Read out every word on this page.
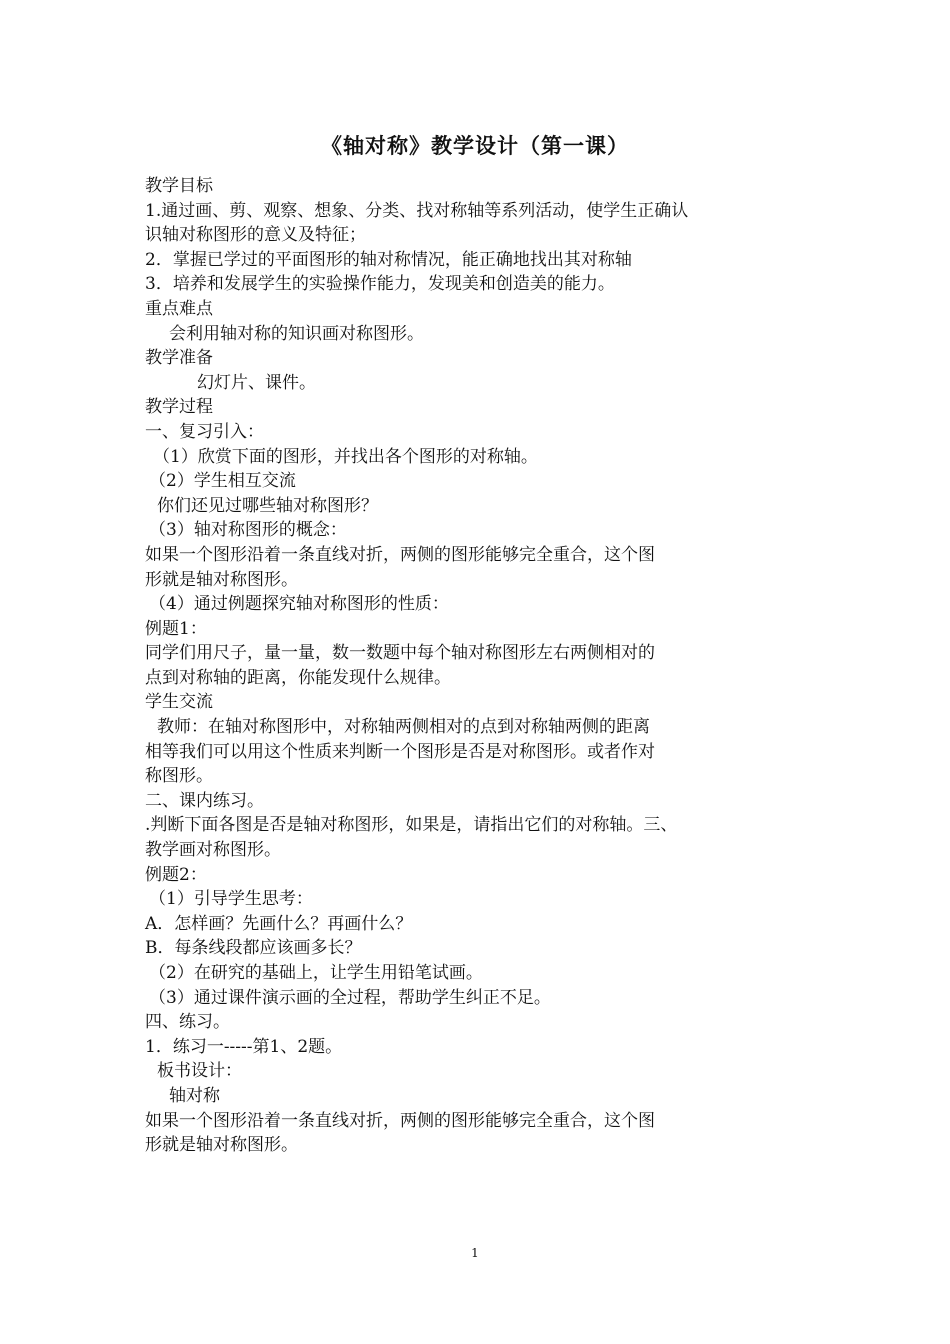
《轴对称》教学设计（第一课）
教学目标
1.通过画、剪、观察、想象、分类、找对称轴等系列活动，使学生正确认
识轴对称图形的意义及特征；
2．掌握已学过的平面图形的轴对称情况，能正确地找出其对称轴
3．培养和发展学生的实验操作能力，发现美和创造美的能力。
重点难点
会利用轴对称的知识画对称图形。
教学准备
幻灯片、课件。
教学过程
一、复习引入：
（1）欣赏下面的图形，并找出各个图形的对称轴。
（2）学生相互交流
你们还见过哪些轴对称图形？
（3）轴对称图形的概念：
如果一个图形沿着一条直线对折，两侧的图形能够完全重合，这个图
形就是轴对称图形。
（4）通过例题探究轴对称图形的性质：
例题1：
同学们用尺子，量一量，数一数题中每个轴对称图形左右两侧相对的
点到对称轴的距离，你能发现什么规律。
学生交流
教师：在轴对称图形中，对称轴两侧相对的点到对称轴两侧的距离
相等我们可以用这个性质来判断一个图形是否是对称图形。或者作对
称图形。
二、课内练习。
.判断下面各图是否是轴对称图形，如果是，请指出它们的对称轴。三、
教学画对称图形。
例题2：
（1）引导学生思考：
A．怎样画？先画什么？再画什么？
B．每条线段都应该画多长？
（2）在研究的基础上，让学生用铅笔试画。
（3）通过课件演示画的全过程，帮助学生纠正不足。
四、练习。
1．练习一-----第1、2题。
板书设计：
轴对称
如果一个图形沿着一条直线对折，两侧的图形能够完全重合，这个图
形就是轴对称图形。
1
